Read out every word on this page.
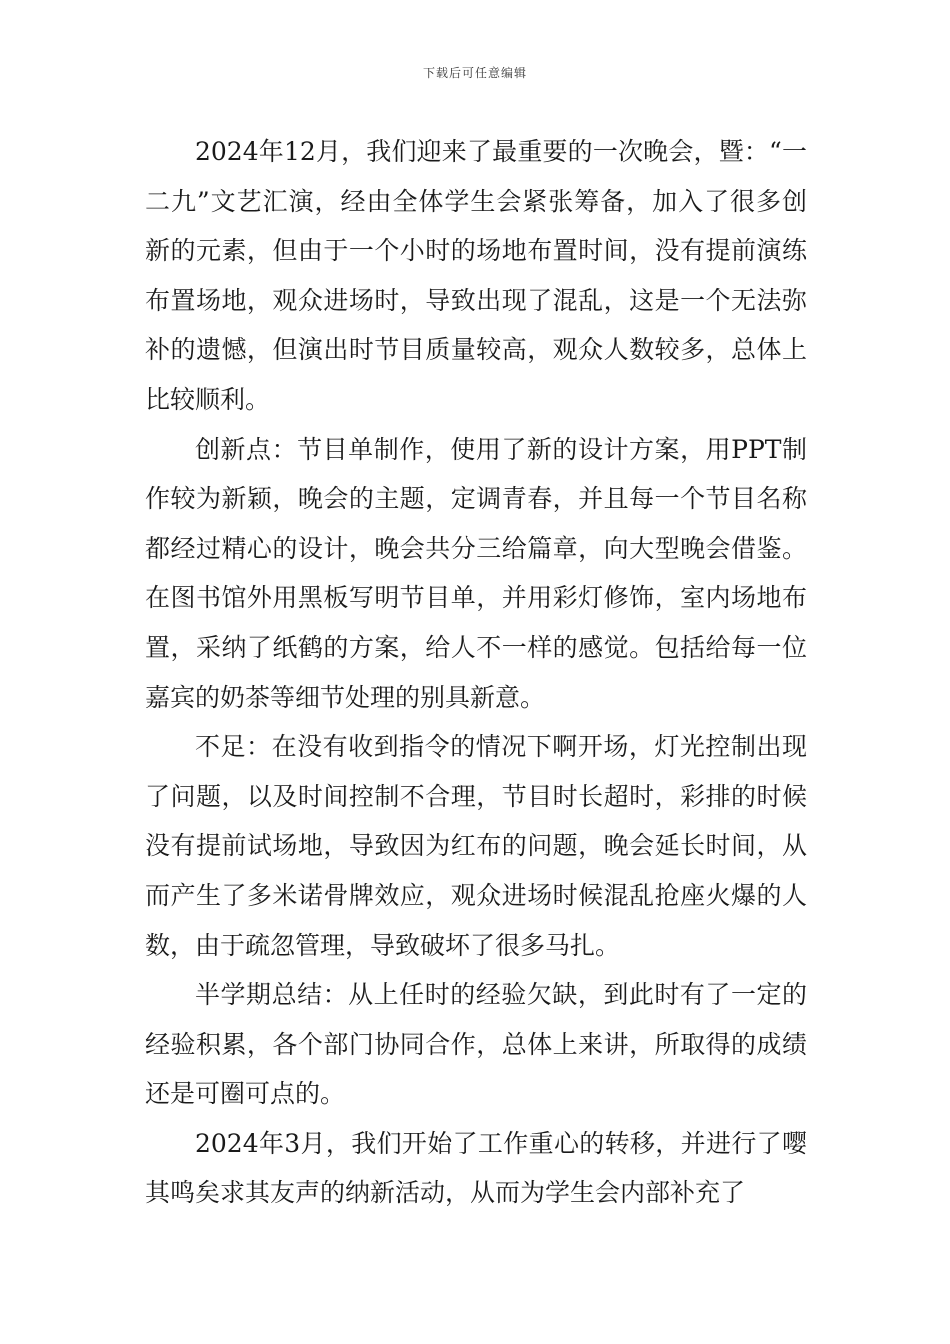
下载后可任意编辑

2024年12月，我们迎来了最重要的一次晚会，暨：“一二九”文艺汇演，经由全体学生会紧张筹备，加入了很多创新的元素，但由于一个小时的场地布置时间，没有提前演练布置场地，观众进场时，导致出现了混乱，这是一个无法弥补的遗憾，但演出时节目质量较高，观众人数较多，总体上比较顺利。

创新点：节目单制作，使用了新的设计方案，用PPT制作较为新颖，晚会的主题，定调青春，并且每一个节目名称都经过精心的设计，晚会共分三给篇章，向大型晚会借鉴。在图书馆外用黑板写明节目单，并用彩灯修饰，室内场地布置，采纳了纸鹤的方案，给人不一样的感觉。包括给每一位嘉宾的奶茶等细节处理的别具新意。

不足：在没有收到指令的情况下啊开场，灯光控制出现了问题，以及时间控制不合理，节目时长超时，彩排的时候没有提前试场地，导致因为红布的问题，晚会延长时间，从而产生了多米诺骨牌效应，观众进场时候混乱抢座火爆的人数，由于疏忽管理，导致破坏了很多马扎。

半学期总结：从上任时的经验欠缺，到此时有了一定的经验积累，各个部门协同合作，总体上来讲，所取得的成绩还是可圈可点的。

2024年3月，我们开始了工作重心的转移，并进行了嘤其鸣矣求其友声的纳新活动，从而为学生会内部补充了
